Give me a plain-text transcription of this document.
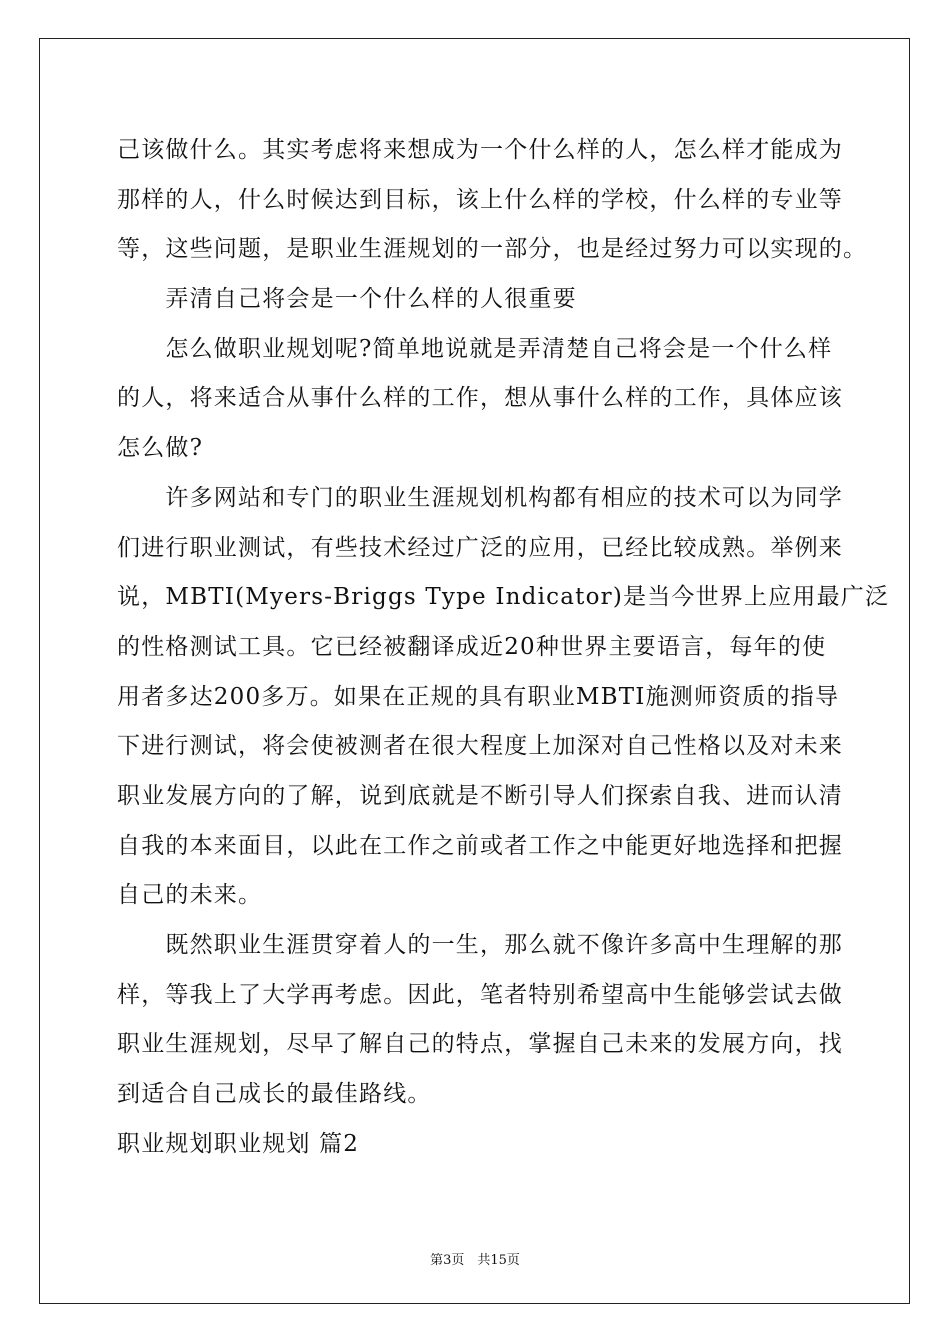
己该做什么。其实考虑将来想成为一个什么样的人，怎么样才能成为
那样的人，什么时候达到目标，该上什么样的学校，什么样的专业等
等，这些问题，是职业生涯规划的一部分，也是经过努力可以实现的。
　　弄清自己将会是一个什么样的人很重要
　　怎么做职业规划呢?简单地说就是弄清楚自己将会是一个什么样
的人，将来适合从事什么样的工作，想从事什么样的工作，具体应该
怎么做?
　　许多网站和专门的职业生涯规划机构都有相应的技术可以为同学
们进行职业测试，有些技术经过广泛的应用，已经比较成熟。举例来
说，MBTI(Myers-Briggs Type Indicator)是当今世界上应用最广泛
的性格测试工具。它已经被翻译成近20种世界主要语言，每年的使
用者多达200多万。如果在正规的具有职业MBTI施测师资质的指导
下进行测试，将会使被测者在很大程度上加深对自己性格以及对未来
职业发展方向的了解，说到底就是不断引导人们探索自我、进而认清
自我的本来面目，以此在工作之前或者工作之中能更好地选择和把握
自己的未来。
　　既然职业生涯贯穿着人的一生，那么就不像许多高中生理解的那
样，等我上了大学再考虑。因此，笔者特别希望高中生能够尝试去做
职业生涯规划，尽早了解自己的特点，掌握自己未来的发展方向，找
到适合自己成长的最佳路线。
职业规划职业规划 篇2
第3页　共15页
